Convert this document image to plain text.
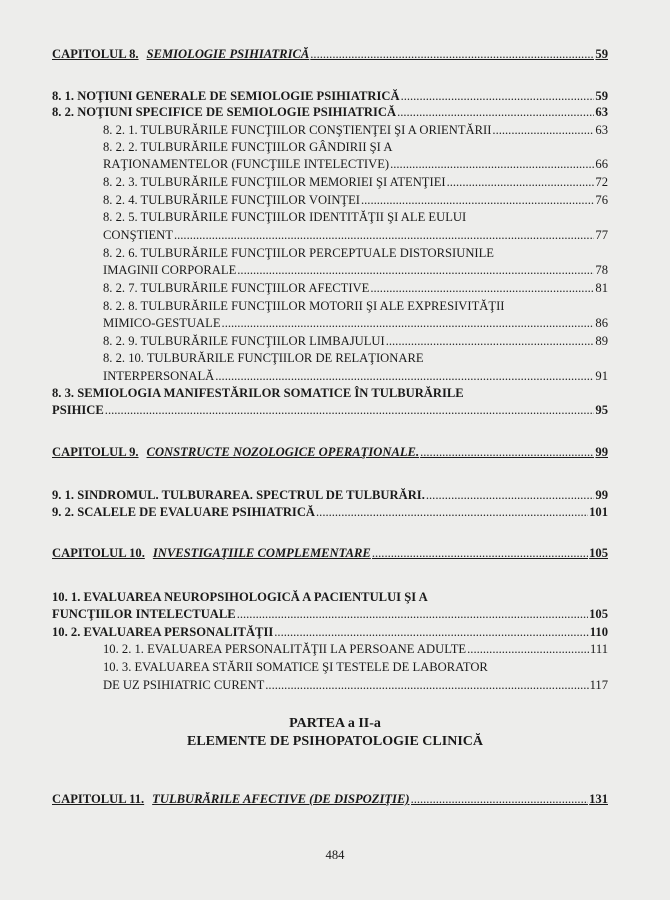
CAPITOLUL 8. SEMIOLOGIE PSIHIATRICĂ .....	59
8. 1. NOŢIUNI GENERALE DE SEMIOLOGIE PSIHIATRICĂ .....	59
8. 2. NOŢIUNI SPECIFICE DE SEMIOLOGIE PSIHIATRICĂ .....	63
8. 2. 1. TULBURĂRILE FUNCŢIILOR CONŞTIENŢEI ŞI A ORIENTĂRII .....	63
8. 2. 2. TULBURĂRILE FUNCŢIILOR GÂNDIRII ŞI A
RAŢIONAMENTELOR (FUNCŢIILE INTELECTIVE) .....	66
8. 2. 3. TULBURĂRILE FUNCŢIILOR MEMORIEI ŞI ATENŢIEI .....	72
8. 2. 4. TULBURĂRILE FUNCŢIILOR VOINŢEI .....	76
8. 2. 5. TULBURĂRILE FUNCŢIILOR IDENTITĂŢII ŞI ALE EULUI
CONŞTIENT .....	77
8. 2. 6. TULBURĂRILE FUNCŢIILOR PERCEPTUALE DISTORSIUNILE
IMAGINII CORPORALE .....	78
8. 2. 7. TULBURĂRILE FUNCŢIILOR AFECTIVE .....	81
8. 2. 8. TULBURĂRILE FUNCŢIILOR MOTORII ŞI ALE EXPRESIVITĂŢII
MIMICO-GESTUALE .....	86
8. 2. 9. TULBURĂRILE FUNCŢIILOR LIMBAJULUI .....	89
8. 2. 10. TULBURĂRILE FUNCŢIILOR DE RELAŢIONARE
INTERPERSONALĂ .....	91
8. 3. SEMIOLOGIA MANIFESTĂRILOR SOMATICE ÎN TULBURĂRILE
PSIHICE .....	95
CAPITOLUL 9. CONSTRUCTE NOZOLOGICE OPERAŢIONALE. .....	99
9. 1. SINDROMUL. TULBURAREA. SPECTRUL DE TULBURĂRI. .....	99
9. 2. SCALELE DE EVALUARE PSIHIATRICĂ .....	101
CAPITOLUL 10. INVESTIGAŢIILE COMPLEMENTARE .....	105
10. 1. EVALUAREA NEUROPSIHOLOGICĂ A PACIENTULUI ŞI A
FUNCŢIILOR INTELECTUALE .....	105
10. 2. EVALUAREA PERSONALITĂŢII .....	110
10. 2. 1. EVALUAREA PERSONALITĂŢII LA PERSOANE ADULTE .....	111
10. 3. EVALUAREA STĂRII SOMATICE ŞI TESTELE DE LABORATOR
DE UZ PSIHIATRIC CURENT .....	117
CAPITOLUL 11. TULBURĂRILE AFECTIVE (DE DISPOZIŢIE) .....	131
PARTEA a II-a
ELEMENTE DE PSIHOPATOLOGIE CLINICĂ
484
